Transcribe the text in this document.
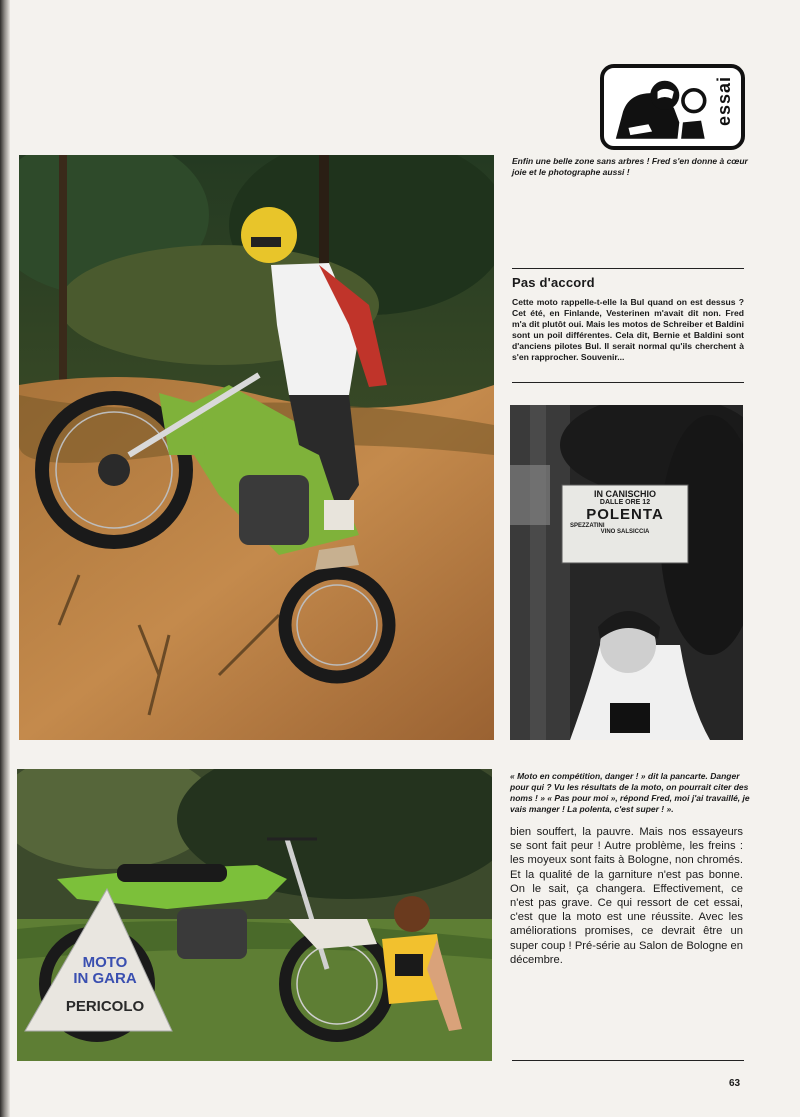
essai
Enfin une belle zone sans arbres ! Fred s'en donne à cœur joie et le photographe aussi !
Pas d'accord
Cette moto rappelle-t-elle la Bul quand on est dessus ? Cet été, en Finlande, Vesterinen m'avait dit non. Fred m'a dit plutôt oui. Mais les motos de Schreiber et Baldini sont un poil différentes. Cela dit, Bernie et Baldini sont d'anciens pilotes Bul. Il serait normal qu'ils cherchent à s'en rapprocher. Souvenir...
IN CANISCHIO
DALLE ORE 12
POLENTA
SPEZZATINI
VINO SALSICCIA
MOTO
IN GARA
PERICOLO
« Moto en compétition, danger ! » dit la pancarte. Danger pour qui ? Vu les résultats de la moto, on pourrait citer des noms ! » « Pas pour moi », répond Fred, moi j'ai travaillé, je vais manger ! La polenta, c'est super ! ».
bien souffert, la pauvre. Mais nos essayeurs se sont fait peur ! Autre problème, les freins : les moyeux sont faits à Bologne, non chromés. Et la qualité de la garniture n'est pas bonne. On le sait, ça changera. Effectivement, ce n'est pas grave. Ce qui ressort de cet essai, c'est que la moto est une réussite. Avec les améliorations promises, ce devrait être un super coup ! Pré-série au Salon de Bologne en décembre.
63
